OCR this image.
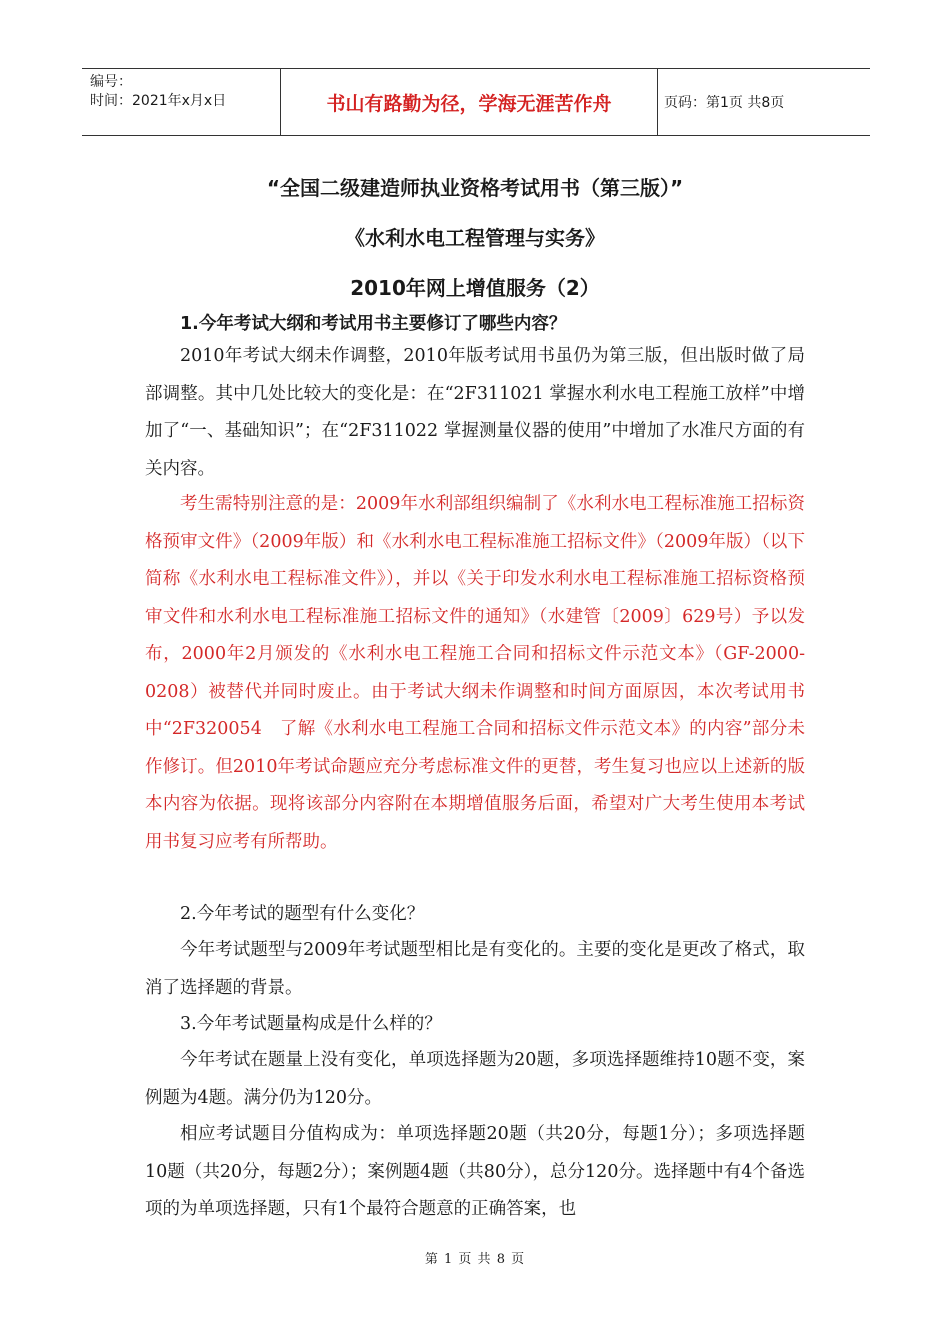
编号：
时间：2021年x月x日	书山有路勤为径，学海无涯苦作舟	页码：第1页 共8页
“全国二级建造师执业资格考试用书（第三版）”
《水利水电工程管理与实务》
2010年网上增值服务（2）
1.今年考试大纲和考试用书主要修订了哪些内容？
2010年考试大纲未作调整，2010年版考试用书虽仍为第三版，但出版时做了局部调整。其中几处比较大的变化是：在“2F311021 掌握水利水电工程施工放样”中增加了“一、基础知识”；在“2F311022 掌握测量仪器的使用”中增加了水准尺方面的有关内容。
考生需特别注意的是：2009年水利部组织编制了《水利水电工程标准施工招标资格预审文件》（2009年版）和《水利水电工程标准施工招标文件》（2009年版）（以下简称《水利水电工程标准文件》），并以《关于印发水利水电工程标准施工招标资格预审文件和水利水电工程标准施工招标文件的通知》（水建管〔2009〕629号）予以发布，2000年2月颁发的《水利水电工程施工合同和招标文件示范文本》（GF-2000-0208）被替代并同时废止。由于考试大纲未作调整和时间方面原因，本次考试用书中“2F320054　了解《水利水电工程施工合同和招标文件示范文本》的内容”部分未作修订。但2010年考试命题应充分考虑标准文件的更替，考生复习也应以上述新的版本内容为依据。现将该部分内容附在本期增值服务后面，希望对广大考生使用本考试用书复习应考有所帮助。
2.今年考试的题型有什么变化？
今年考试题型与2009年考试题型相比是有变化的。主要的变化是更改了格式，取消了选择题的背景。
3.今年考试题量构成是什么样的？
今年考试在题量上没有变化，单项选择题为20题，多项选择题维持10题不变，案例题为4题。满分仍为120分。
相应考试题目分值构成为：单项选择题20题（共20分，每题1分）；多项选择题10题（共20分，每题2分）；案例题4题（共80分），总分120分。选择题中有4个备选项的为单项选择题，只有1个最符合题意的正确答案，也
第 1 页 共 8 页
